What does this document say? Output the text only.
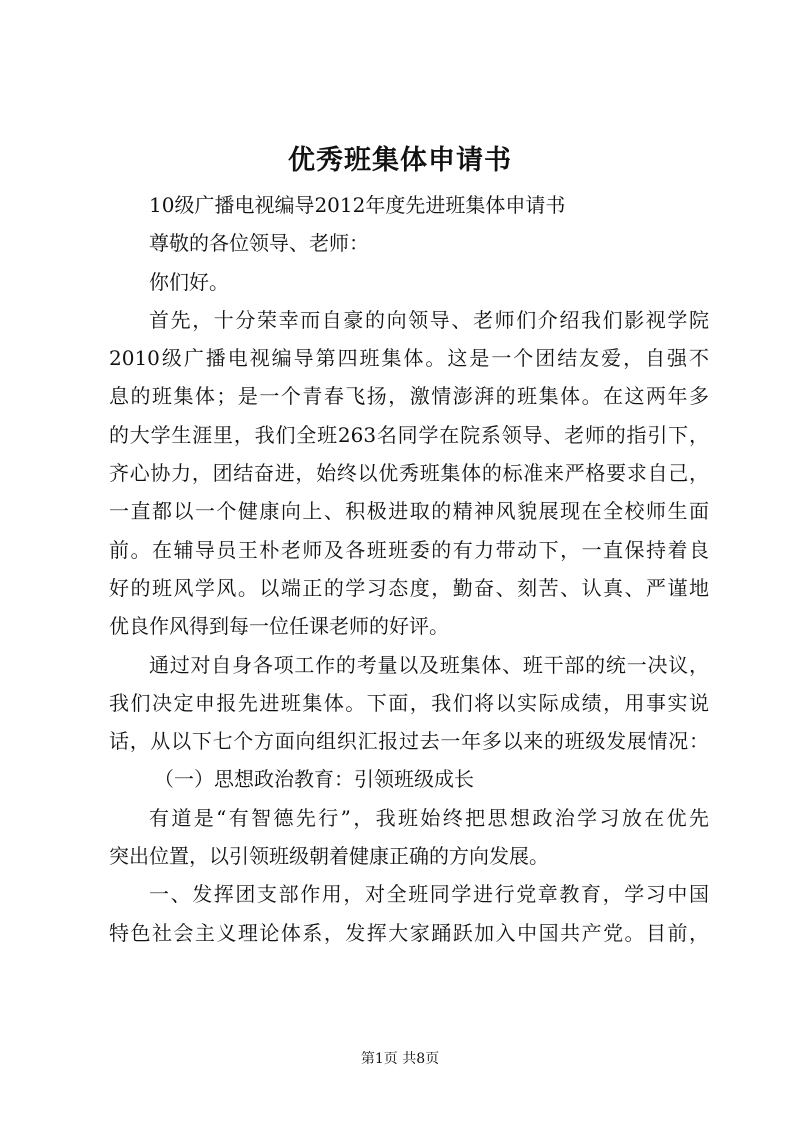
优秀班集体申请书
10级广播电视编导2012年度先进班集体申请书
尊敬的各位领导、老师：
你们好。
首先，十分荣幸而自豪的向领导、老师们介绍我们影视学院
2010级广播电视编导第四班集体。这是一个团结友爱，自强不
息的班集体；是一个青春飞扬，激情澎湃的班集体。在这两年多
的大学生涯里，我们全班263名同学在院系领导、老师的指引下，
齐心协力，团结奋进，始终以优秀班集体的标准来严格要求自己，
一直都以一个健康向上、积极进取的精神风貌展现在全校师生面
前。在辅导员王朴老师及各班班委的有力带动下，一直保持着良
好的班风学风。以端正的学习态度，勤奋、刻苦、认真、严谨地
优良作风得到每一位任课老师的好评。
通过对自身各项工作的考量以及班集体、班干部的统一决议，
我们决定申报先进班集体。下面，我们将以实际成绩，用事实说
话，从以下七个方面向组织汇报过去一年多以来的班级发展情况：
（一）思想政治教育：引领班级成长
有道是“有智德先行”，我班始终把思想政治学习放在优先
突出位置，以引领班级朝着健康正确的方向发展。
一、发挥团支部作用，对全班同学进行党章教育，学习中国
特色社会主义理论体系，发挥大家踊跃加入中国共产党。目前，
第1页 共8页
